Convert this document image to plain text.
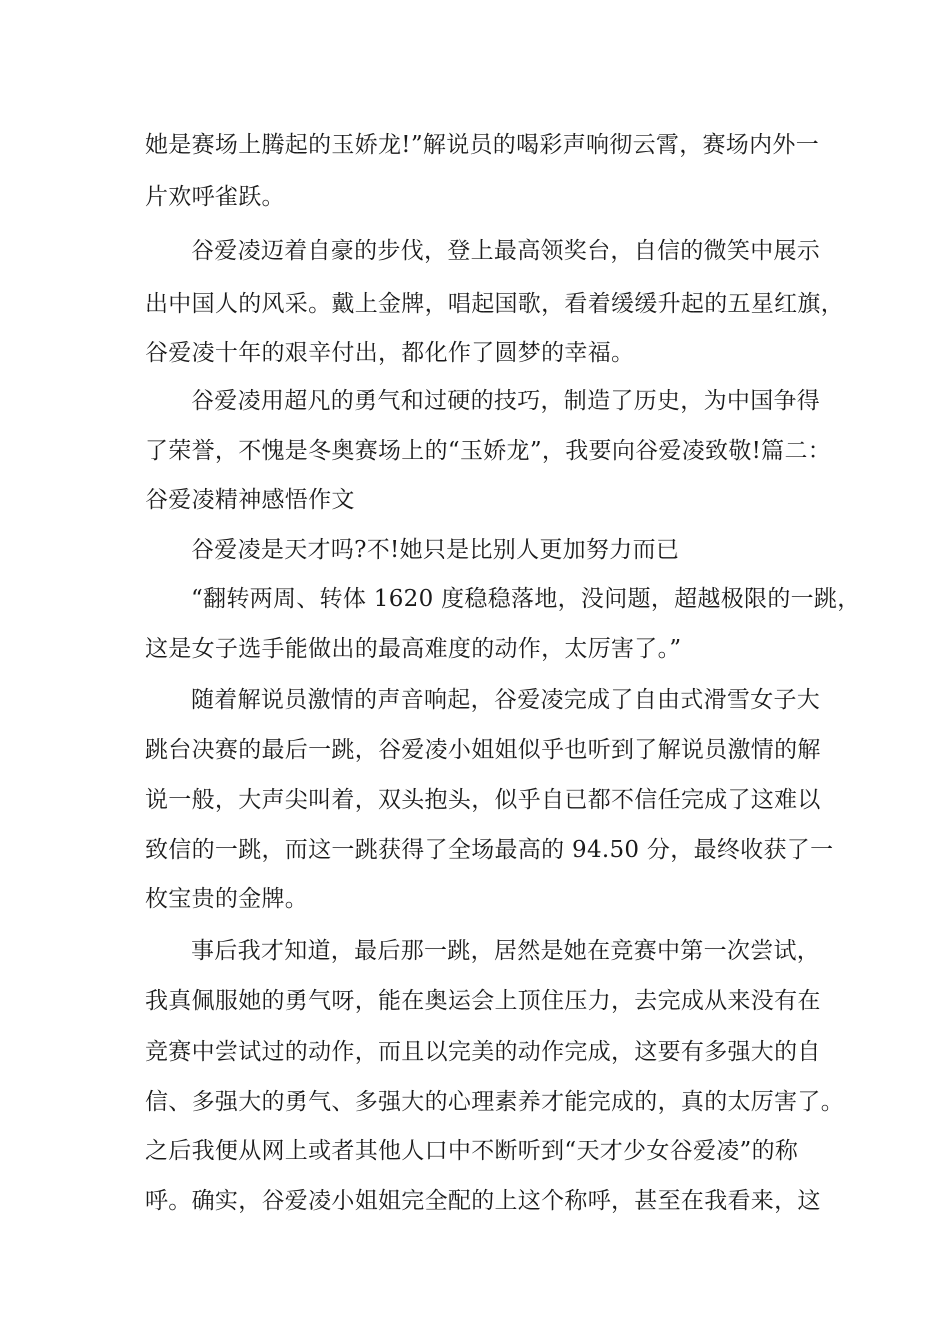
她是赛场上腾起的玉娇龙!”解说员的喝彩声响彻云霄，赛场内外一
片欢呼雀跃。
谷爱凌迈着自豪的步伐，登上最高领奖台，自信的微笑中展示
出中国人的风采。戴上金牌，唱起国歌，看着缓缓升起的五星红旗，
谷爱凌十年的艰辛付出，都化作了圆梦的幸福。
谷爱凌用超凡的勇气和过硬的技巧，制造了历史，为中国争得
了荣誉，不愧是冬奥赛场上的“玉娇龙”，我要向谷爱凌致敬!篇二：
谷爱凌精神感悟作文
谷爱凌是天才吗?不!她只是比别人更加努力而已
“翻转两周、转体 1620 度稳稳落地，没问题，超越极限的一跳，
这是女子选手能做出的最高难度的动作，太厉害了。”
随着解说员激情的声音响起，谷爱凌完成了自由式滑雪女子大
跳台决赛的最后一跳，谷爱凌小姐姐似乎也听到了解说员激情的解
说一般，大声尖叫着，双头抱头，似乎自已都不信任完成了这难以
致信的一跳，而这一跳获得了全场最高的 94.50 分，最终收获了一
枚宝贵的金牌。
事后我才知道，最后那一跳，居然是她在竞赛中第一次尝试，
我真佩服她的勇气呀，能在奥运会上顶住压力，去完成从来没有在
竞赛中尝试过的动作，而且以完美的动作完成，这要有多强大的自
信、多强大的勇气、多强大的心理素养才能完成的，真的太厉害了。
之后我便从网上或者其他人口中不断听到“天才少女谷爱凌”的称
呼。确实，谷爱凌小姐姐完全配的上这个称呼，甚至在我看来，这
